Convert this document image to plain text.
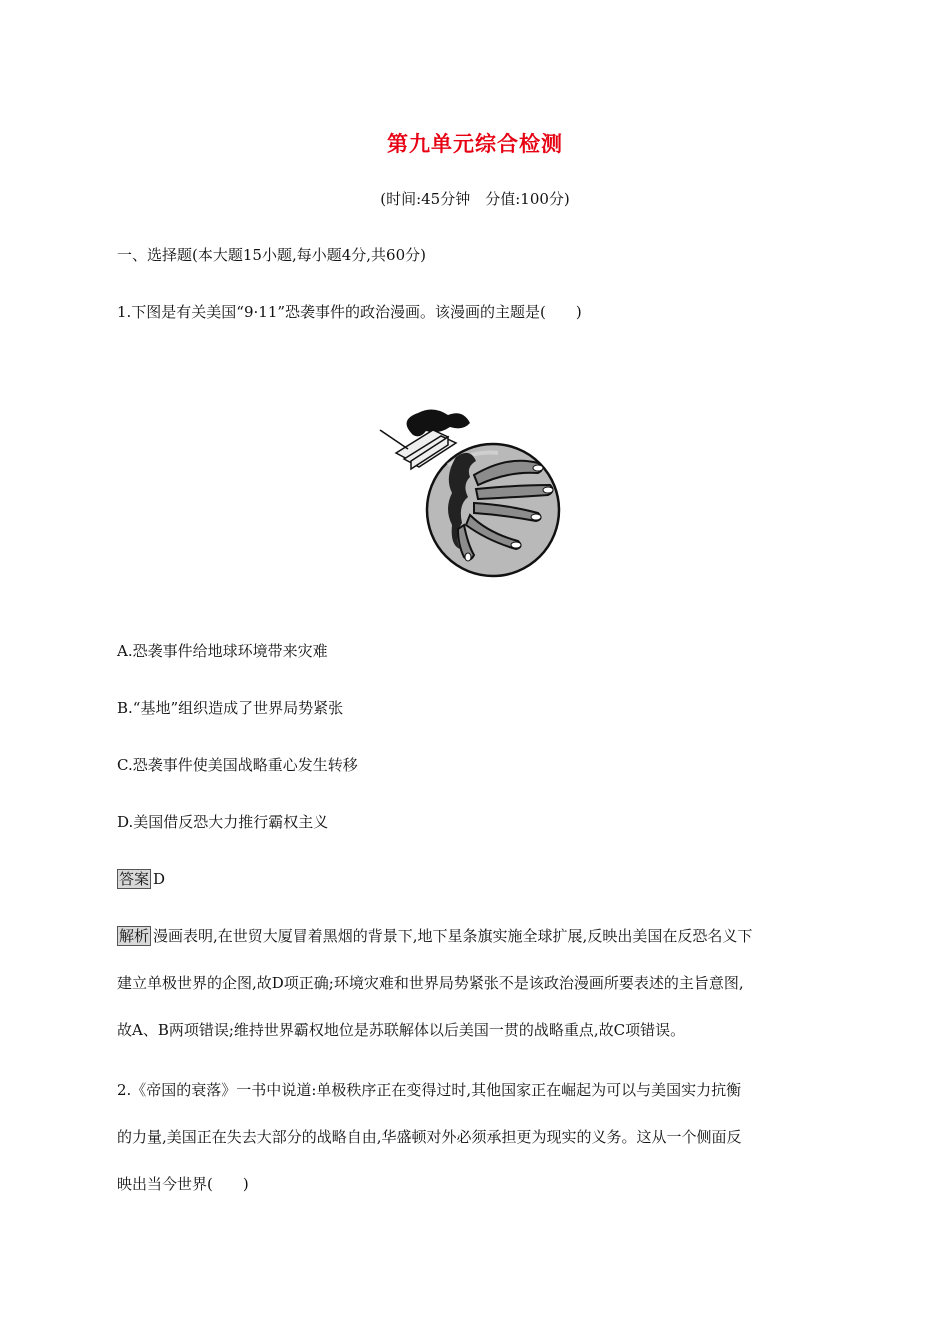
第九单元综合检测
(时间:45分钟　分值:100分)
一、选择题(本大题15小题,每小题4分,共60分)
1.下图是有关美国“9·11”恐袭事件的政治漫画。该漫画的主题是(　　)
A.恐袭事件给地球环境带来灾难
B.“基地”组织造成了世界局势紧张
C.恐袭事件使美国战略重心发生转移
D.美国借反恐大力推行霸权主义
答案 D
解析 漫画表明,在世贸大厦冒着黑烟的背景下,地下星条旗实施全球扩展,反映出美国在反恐名义下
建立单极世界的企图,故D项正确;环境灾难和世界局势紧张不是该政治漫画所要表述的主旨意图,
故A、B两项错误;维持世界霸权地位是苏联解体以后美国一贯的战略重点,故C项错误。
2.《帝国的衰落》一书中说道:单极秩序正在变得过时,其他国家正在崛起为可以与美国实力抗衡
的力量,美国正在失去大部分的战略自由,华盛顿对外必须承担更为现实的义务。这从一个侧面反
映出当今世界(　　)
